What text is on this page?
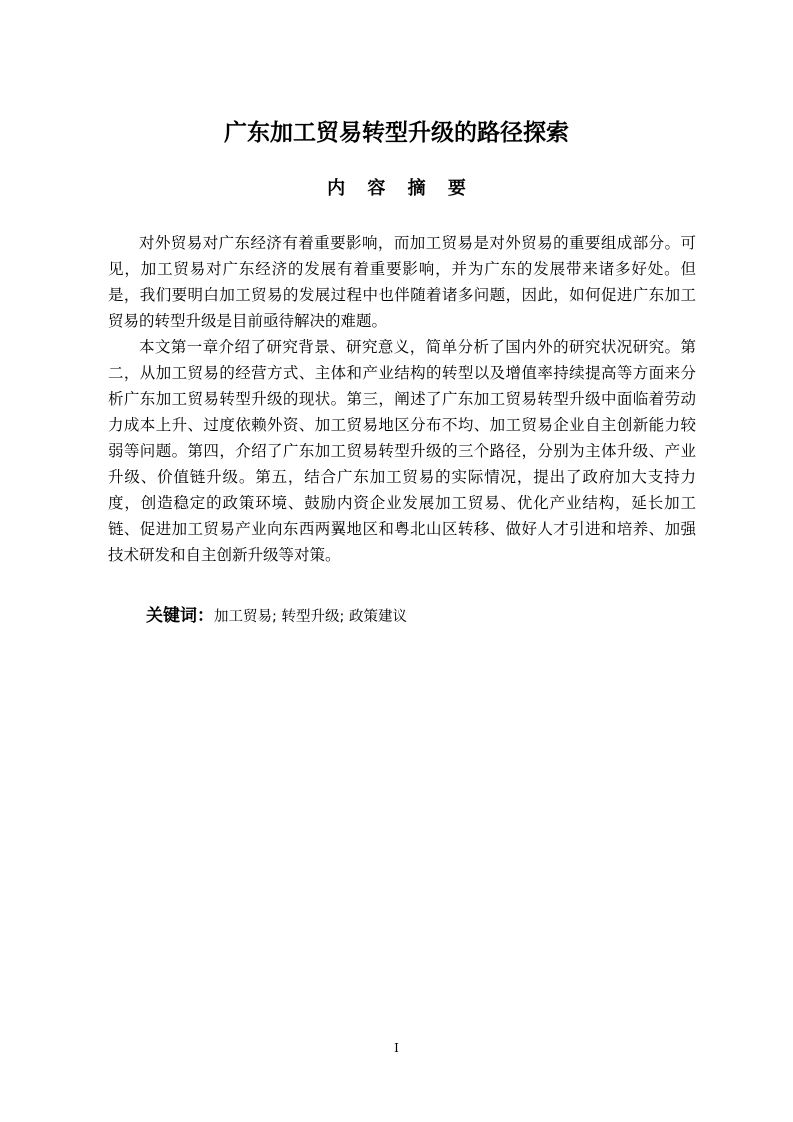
广东加工贸易转型升级的路径探索
内 容 摘 要

对外贸易对广东经济有着重要影响，而加工贸易是对外贸易的重要组成部分。可见，加工贸易对广东经济的发展有着重要影响，并为广东的发展带来诸多好处。但是，我们要明白加工贸易的发展过程中也伴随着诸多问题，因此，如何促进广东加工贸易的转型升级是目前亟待解决的难题。

本文第一章介绍了研究背景、研究意义，简单分析了国内外的研究状况研究。第二，从加工贸易的经营方式、主体和产业结构的转型以及增值率持续提高等方面来分析广东加工贸易转型升级的现状。第三，阐述了广东加工贸易转型升级中面临着劳动力成本上升、过度依赖外资、加工贸易地区分布不均、加工贸易企业自主创新能力较弱等问题。第四，介绍了广东加工贸易转型升级的三个路径，分别为主体升级、产业升级、价值链升级。第五，结合广东加工贸易的实际情况，提出了政府加大支持力度，创造稳定的政策环境、鼓励内资企业发展加工贸易、优化产业结构，延长加工链、促进加工贸易产业向东西两翼地区和粤北山区转移、做好人才引进和培养、加强技术研发和自主创新升级等对策。

关键词：加工贸易; 转型升级; 政策建议
I
